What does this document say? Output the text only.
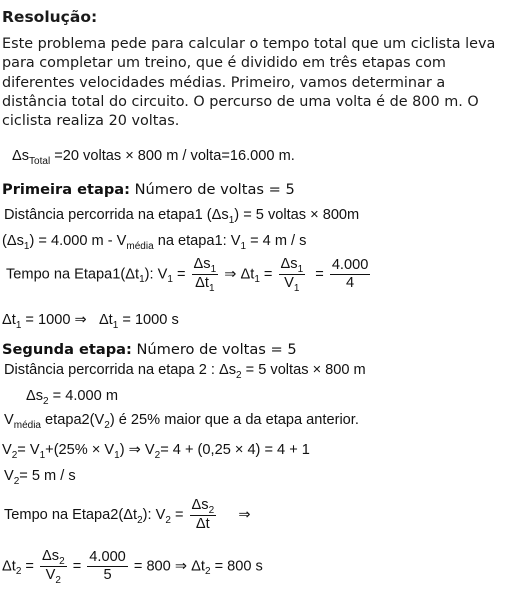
Resolução:
Este problema pede para calcular o tempo total que um ciclista leva para completar um treino, que é dividido em três etapas com diferentes velocidades médias. Primeiro, vamos determinar a distância total do circuito. O percurso de uma volta é de 800 m. O ciclista realiza 20 voltas.
$\Delta s_{Total} =20$ voltas × 800 m / volta=16.000 m.
Primeira etapa: Número de voltas = 5
Distância percorrida na etapa1 $(\Delta s_1) = 5$ voltas × 800m
$(\Delta s_1) = 4.000$ m - $V_{média}$ na etapa1: $V_1 = 4$ m / s
Tempo na $Etapa1(\Delta t_1)$: $V_1 = \frac{\Delta s_1}{\Delta t_1}$ ⇒ $\Delta t_1 = \frac{\Delta s_1}{V_1} = \frac{4.000}{4}$
$\Delta t_1 = 1000$ ⇒ $\Delta t_1 = 1000$ s
Segunda etapa: Número de voltas = 5
Distância percorrida na etapa 2 : $\Delta s_2 = 5$ voltas × 800 m
$\Delta s_2 = 4.000$ m
$V_{média}$ $etapa2(V_2)$ é 25% maior que a da etapa anterior.
$V_2= V_1+(25\% \times V_1)$ ⇒ $V_2= 4 + (0,25 \times 4) = 4 + 1$
$V_2= 5$ m / s
Tempo na $Etapa2(\Delta t_2)$: $V_2 = \frac{\Delta s_2}{\Delta t}$ ⇒
$\Delta t_2 = \frac{\Delta s_2}{V_2} = \frac{4.000}{5} = 800$ ⇒ $\Delta t_2 = 800$ s
